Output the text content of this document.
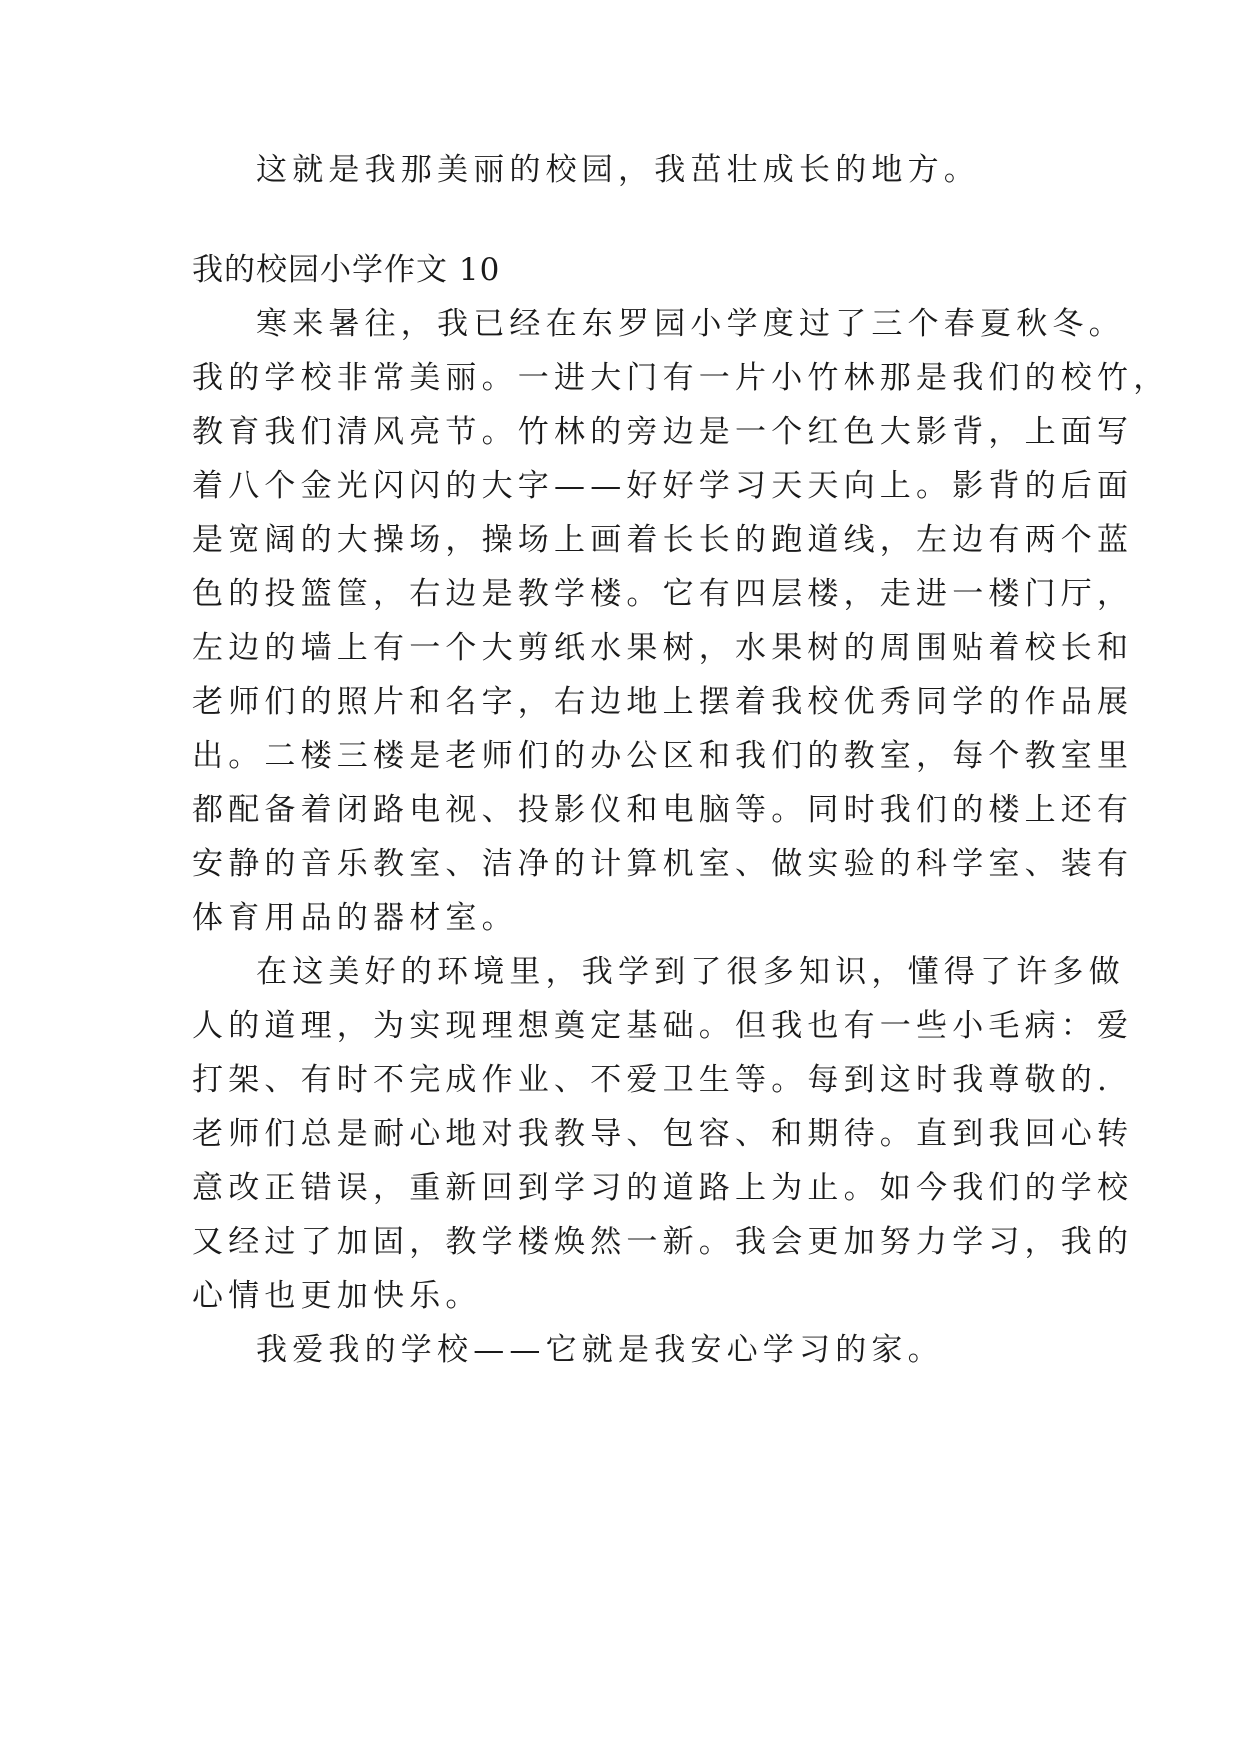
这就是我那美丽的校园，我茁壮成长的地方。
我的校园小学作文 10
寒来暑往，我已经在东罗园小学度过了三个春夏秋冬。
我的学校非常美丽。一进大门有一片小竹林那是我们的校竹，
教育我们清风亮节。竹林的旁边是一个红色大影背，上面写
着八个金光闪闪的大字——好好学习天天向上。影背的后面
是宽阔的大操场，操场上画着长长的跑道线，左边有两个蓝
色的投篮筐，右边是教学楼。它有四层楼，走进一楼门厅，
左边的墙上有一个大剪纸水果树，水果树的周围贴着校长和
老师们的照片和名字，右边地上摆着我校优秀同学的作品展
出。二楼三楼是老师们的办公区和我们的教室，每个教室里
都配备着闭路电视、投影仪和电脑等。同时我们的楼上还有
安静的音乐教室、洁净的计算机室、做实验的科学室、装有
体育用品的器材室。
在这美好的环境里，我学到了很多知识，懂得了许多做
人的道理，为实现理想奠定基础。但我也有一些小毛病：爱
打架、有时不完成作业、不爱卫生等。每到这时我尊敬的.
老师们总是耐心地对我教导、包容、和期待。直到我回心转
意改正错误，重新回到学习的道路上为止。如今我们的学校
又经过了加固，教学楼焕然一新。我会更加努力学习，我的
心情也更加快乐。
我爱我的学校——它就是我安心学习的家。
